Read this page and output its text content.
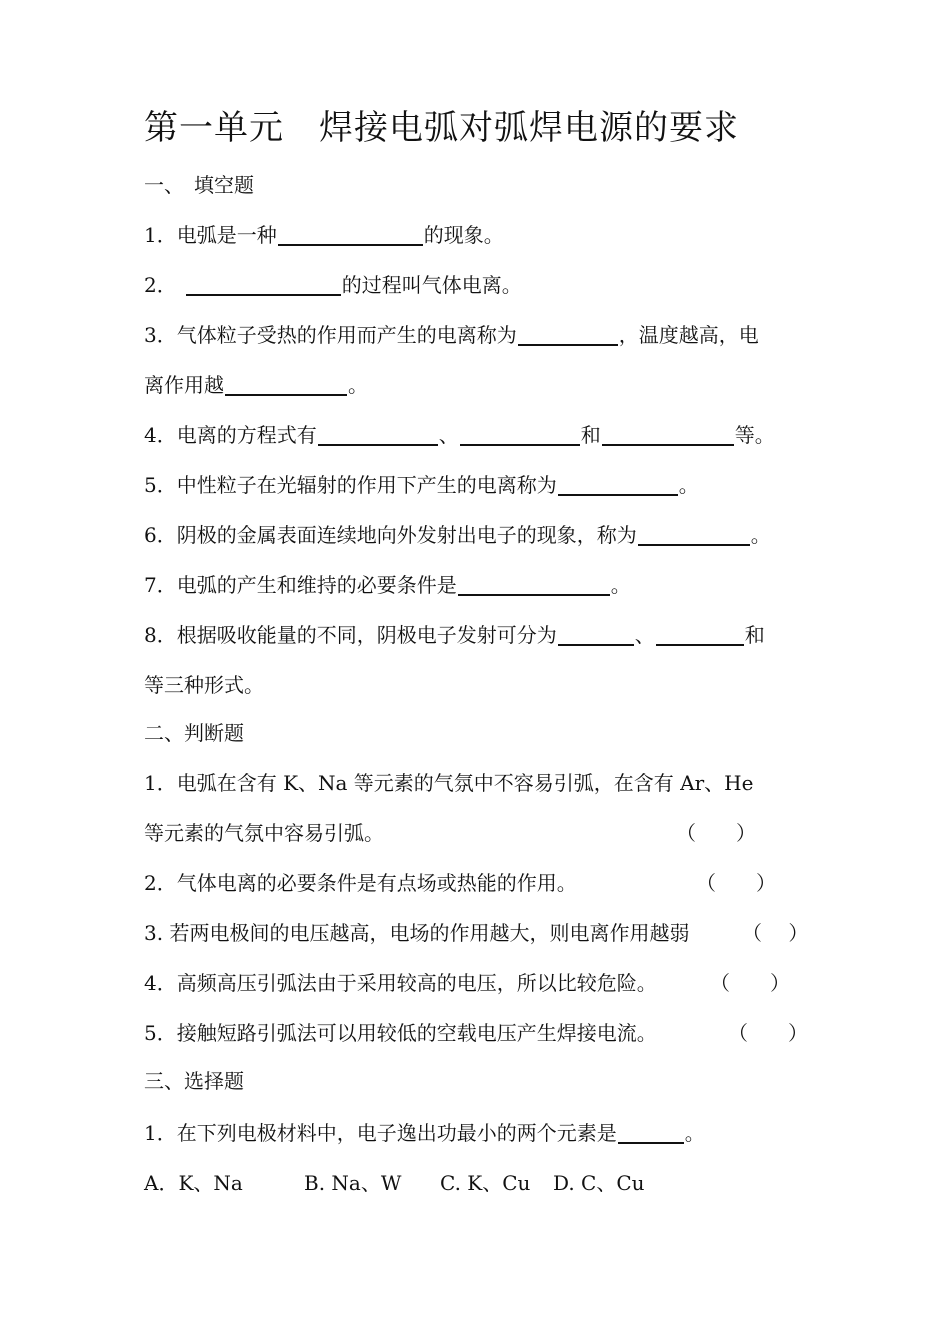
第一单元　焊接电弧对弧焊电源的要求
一、　填空题
1．电弧是一种	的现象。
2．	的过程叫气体电离。
3．气体粒子受热的作用而产生的电离称为	，温度越高，电
离作用越	。
4．电离的方程式有	、	和	等。
5．中性粒子在光辐射的作用下产生的电离称为	。
6．阴极的金属表面连续地向外发射出电子的现象，称为	。
7．电弧的产生和维持的必要条件是	。
8．根据吸收能量的不同，阴极电子发射可分为	、	和
等三种形式。
二、判断题
1．电弧在含有 K、Na 等元素的气氛中不容易引弧，在含有 Ar、He
等元素的气氛中容易引弧。	（　　）
2．气体电离的必要条件是有点场或热能的作用。	（　　）
3. 若两电极间的电压越高，电场的作用越大，则电离作用越弱	（　 ）
4．高频高压引弧法由于采用较高的电压，所以比较危险。	（　　）
5．接触短路引弧法可以用较低的空载电压产生焊接电流。	（　　）
三、选择题
1．在下列电极材料中，电子逸出功最小的两个元素是	。
A．K、Na	B. Na、W C. K、Cu D. C、Cu
